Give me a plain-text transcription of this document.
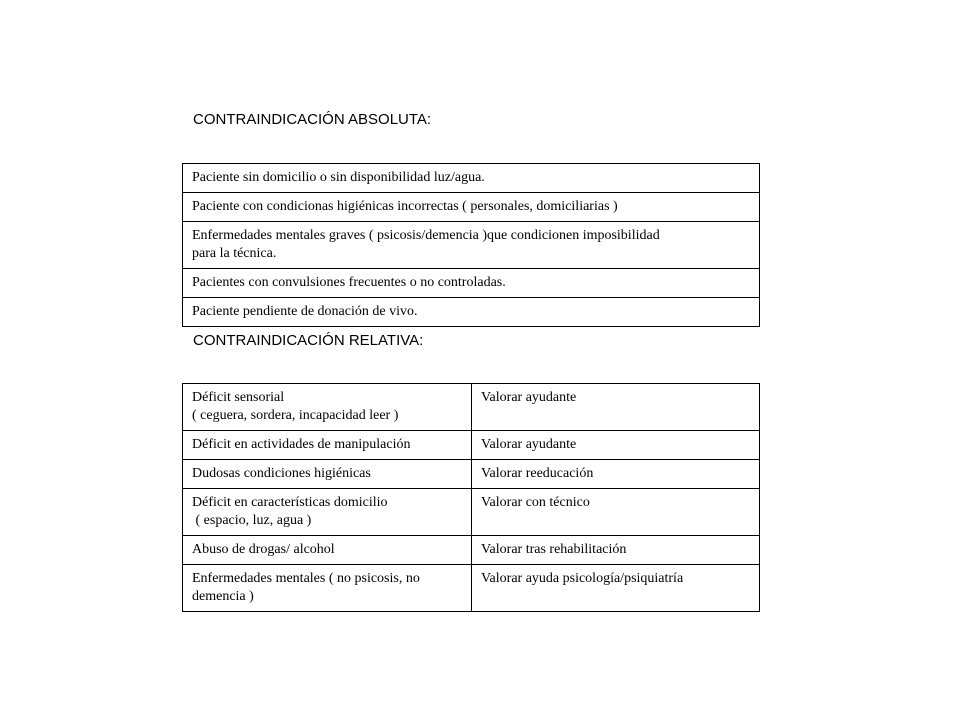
CONTRAINDICACIÓN ABSOLUTA:
Paciente sin domicilio o sin disponibilidad luz/agua.

Paciente con condicionas higiénicas incorrectas ( personales, domiciliarias )

Enfermedades mentales graves ( psicosis/demencia )que condicionen imposibilidad
para la técnica.

Pacientes con convulsiones frecuentes o no controladas.

Paciente pendiente de donación de vivo.
CONTRAINDICACIÓN RELATIVA:
Déficit sensorial
( ceguera, sordera, incapacidad leer )	Valorar ayudante

Déficit en actividades de manipulación	Valorar ayudante

Dudosas condiciones higiénicas	Valorar reeducación

Déficit en características domicilio
( espacio, luz, agua )	Valorar con técnico

Abuso de drogas/ alcohol	Valorar tras rehabilitación

Enfermedades mentales ( no psicosis, no
demencia )	Valorar ayuda psicología/psiquiatría
